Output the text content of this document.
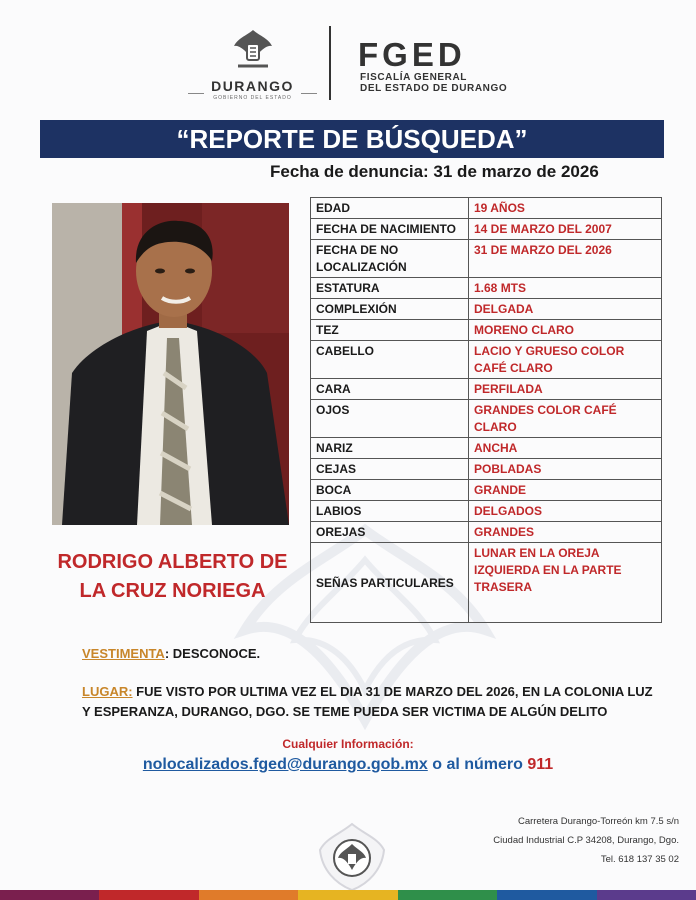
DURANGO
GOBIERNO DEL ESTADO
FGED
FISCALÍA GENERAL
DEL ESTADO DE DURANGO
“REPORTE DE BÚSQUEDA”
Fecha de denuncia: 31 de marzo de 2026
RODRIGO ALBERTO DE
LA CRUZ NORIEGA
EDAD	19 AÑOS
FECHA DE NACIMIENTO	14 DE MARZO DEL 2007
FECHA DE NO LOCALIZACIÓN	31 DE MARZO DEL 2026
ESTATURA	1.68 MTS
COMPLEXIÓN	DELGADA
TEZ	MORENO CLARO
CABELLO	LACIO Y GRUESO COLOR CAFÉ CLARO
CARA	PERFILADA
OJOS	GRANDES COLOR CAFÉ CLARO
NARIZ	ANCHA
CEJAS	POBLADAS
BOCA	GRANDE
LABIOS	DELGADOS
OREJAS	GRANDES
SEÑAS PARTICULARES	LUNAR EN LA OREJA IZQUIERDA EN LA PARTE TRASERA
VESTIMENTA: DESCONOCE.
LUGAR: FUE VISTO POR ULTIMA VEZ EL DIA 31 DE MARZO DEL 2026, EN LA COLONIA LUZ Y ESPERANZA, DURANGO, DGO. SE TEME PUEDA SER VICTIMA DE ALGÚN DELITO
Cualquier Información:
nolocalizados.fged@durango.gob.mx o al número 911
Carretera Durango-Torreón km 7.5 s/n
Ciudad Industrial C.P 34208, Durango, Dgo.
Tel. 618 137 35 02
